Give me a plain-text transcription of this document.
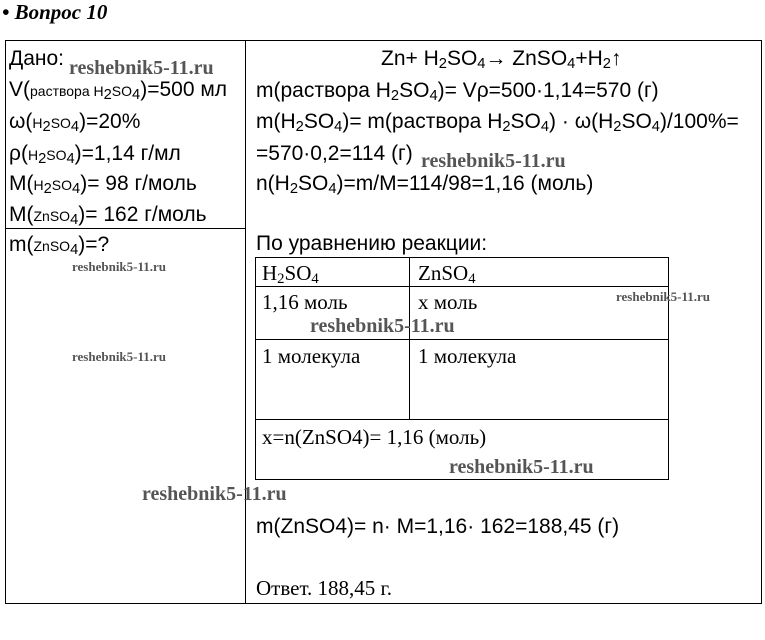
• Вопрос 10
Дано:
V(раствора $H_2SO_4)=500$ мл
$\omega(H_2SO_4)=20\%$
$\rho(H_2SO_4)=1,14$ г/мл
$M(H_2SO_4)= 98$ г/моль
M(ZnSO$_4$)= 162 г/моль
m(ZnSO$_4$)=?
$Zn+ H_2SO_4\to$ $ZnSO_4+H_2↑$
m(раствора $H_2SO_4)= V\rho=500\cdot 1,14=570$ (г)
$m(H_2SO_4)=$ m(раствора $H_2SO_4) \cdot \omega(H_2SO_4)/100\%=$
=570·0,2=114 (г)
$n(H_2SO_4)=m/M=114/98=1,16$ (моль)
По уравнению реакции:
$H_2SO_4$	ZnSO$_4$
1,16 моль	х моль
1 молекула	1 молекула
x=n(ZnSO4)= 1,16 (моль)
m(ZnSO4)= n· M=1,16· 162=188,45 (г)
Ответ. 188,45 г.
reshebnik5-11.ru
reshebnik5-11.ru
reshebnik5-11.ru
reshebnik5-11.ru
reshebnik5-11.ru
reshebnik5-11.ru
reshebnik5-11.ru
reshebnik5-11.ru
